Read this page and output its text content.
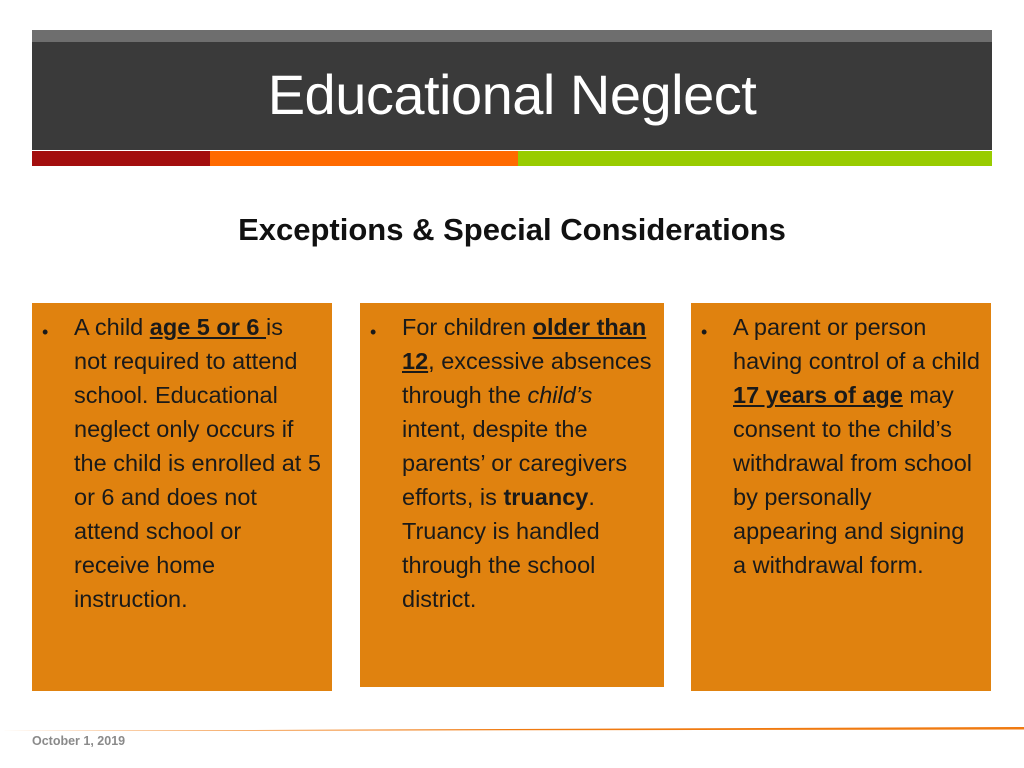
Educational Neglect
Exceptions & Special Considerations
• A child age 5 or 6 is not required to attend school. Educational neglect only occurs if the child is enrolled at 5 or 6 and does not attend school or receive home instruction.
• For children older than 12, excessive absences through the child’s intent, despite the parents’ or caregivers efforts, is truancy. Truancy is handled through the school district.
• A parent or person having control of a child 17 years of age may consent to the child’s withdrawal from school by personally appearing and signing a withdrawal form.
October 1, 2019
